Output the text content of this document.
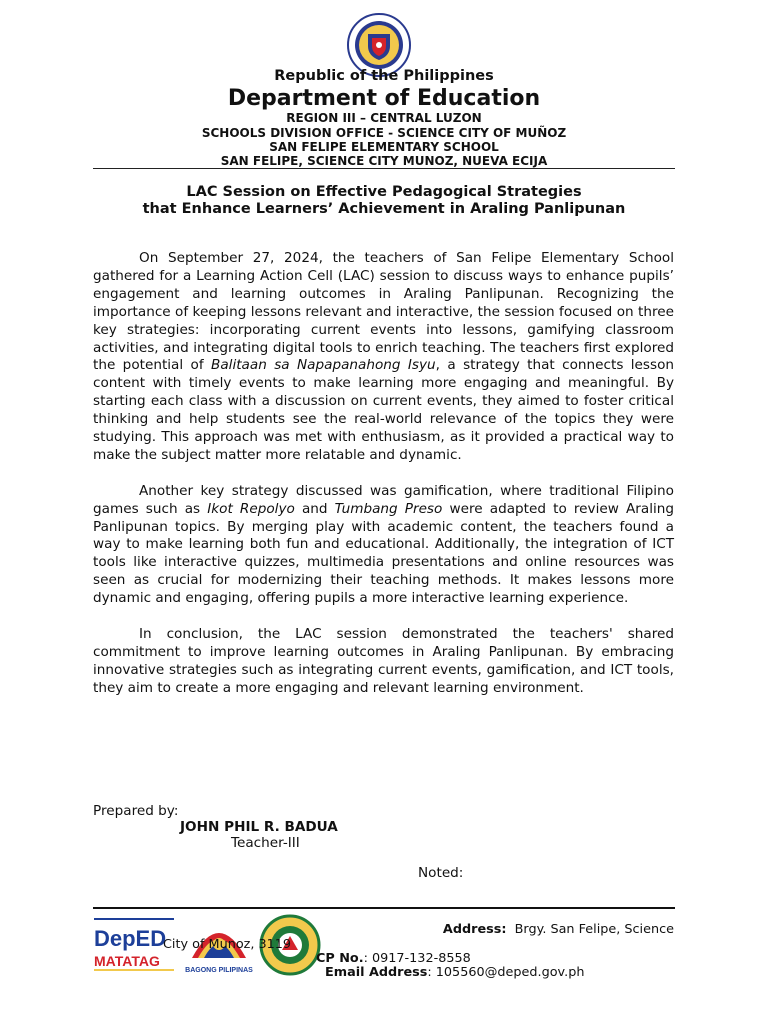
Republic of the Philippines
Department of Education
REGION III – CENTRAL LUZON
SCHOOLS DIVISION OFFICE - SCIENCE CITY OF MUÑOZ
SAN FELIPE ELEMENTARY SCHOOL
SAN FELIPE, SCIENCE CITY MUNOZ, NUEVA ECIJA
LAC Session on Effective Pedagogical Strategies
that Enhance Learners’ Achievement in Araling Panlipunan

On September 27, 2024, the teachers of San Felipe Elementary School gathered for a Learning Action Cell (LAC) session to discuss ways to enhance pupils’ engagement and learning outcomes in Araling Panlipunan. Recognizing the importance of keeping lessons relevant and interactive, the session focused on three key strategies: incorporating current events into lessons, gamifying classroom activities, and integrating digital tools to enrich teaching. The teachers first explored the potential of Balitaan sa Napapanahong Isyu, a strategy that connects lesson content with timely events to make learning more engaging and meaningful. By starting each class with a discussion on current events, they aimed to foster critical thinking and help students see the real-world relevance of the topics they were studying. This approach was met with enthusiasm, as it provided a practical way to make the subject matter more relatable and dynamic.

Another key strategy discussed was gamification, where traditional Filipino games such as Ikot Repolyo and Tumbang Preso were adapted to review Araling Panlipunan topics. By merging play with academic content, the teachers found a way to make learning both fun and educational. Additionally, the integration of ICT tools like interactive quizzes, multimedia presentations and online resources was seen as crucial for modernizing their teaching methods. It makes lessons more dynamic and engaging, offering pupils a more interactive learning experience.

In conclusion, the LAC session demonstrated the teachers' shared commitment to improve learning outcomes in Araling Panlipunan. By embracing innovative strategies such as integrating current events, gamification, and ICT tools, they aim to create a more engaging and relevant learning environment.

Prepared by:
JOHN PHIL R. BADUA
Teacher-III
Noted:
DepED
MATATAG
BAGONG PILIPINAS
Address: Brgy. San Felipe, Science
City of Munoz, 3119
CP No.: 0917-132-8558
Email Address: 105560@deped.gov.ph
